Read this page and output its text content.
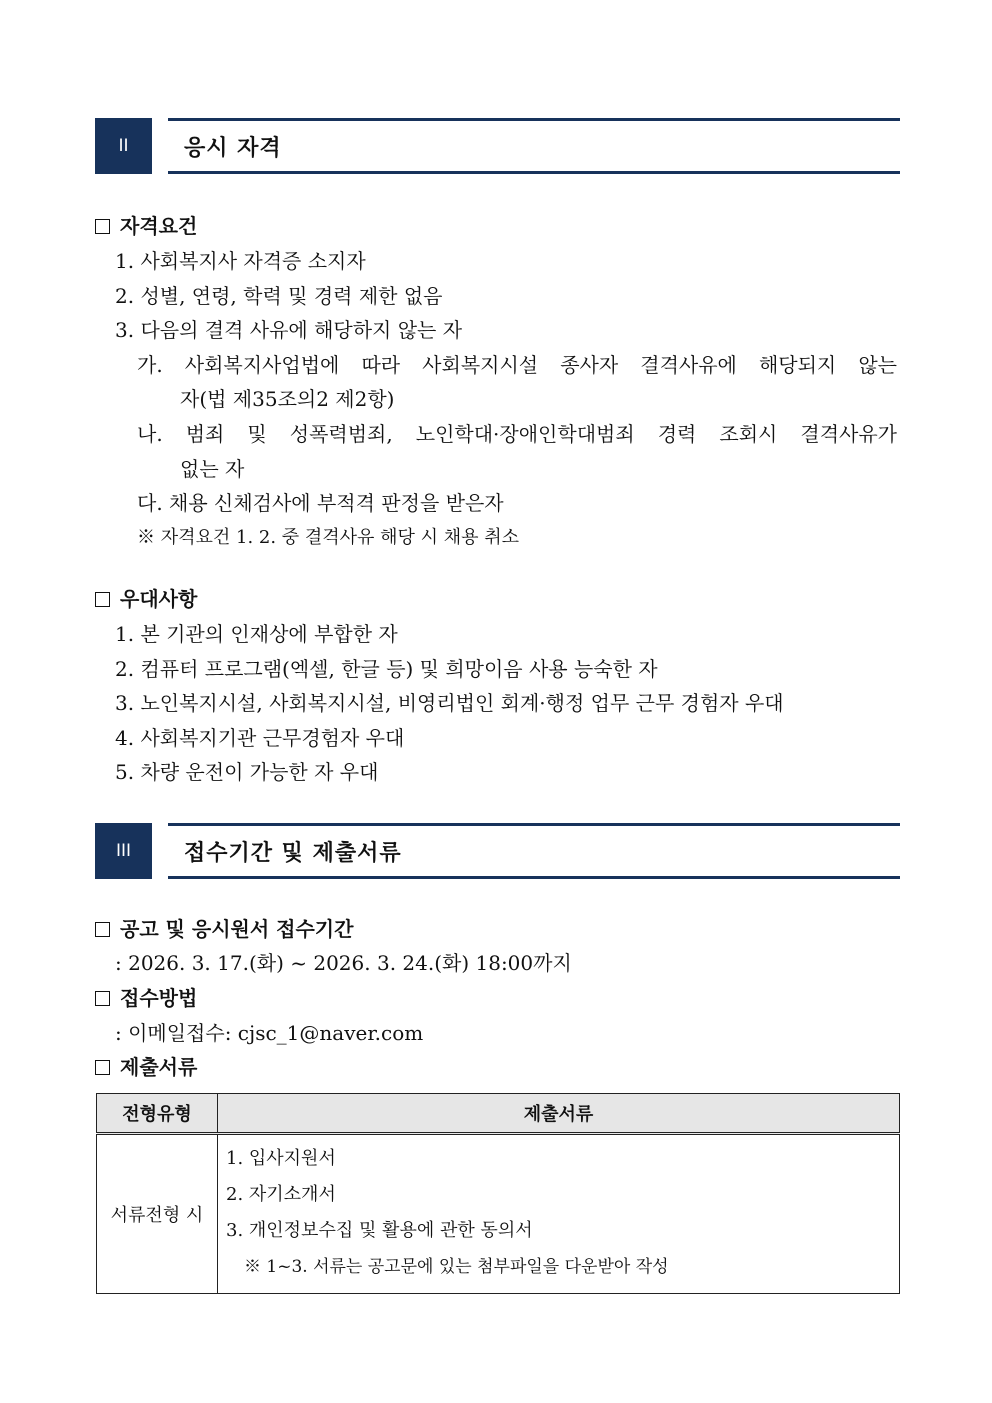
II	응시 자격
자격요건
1. 사회복지사 자격증 소지자
2. 성별, 연령, 학력 및 경력 제한 없음
3. 다음의 결격 사유에 해당하지 않는 자
가. 사회복지사업법에 따라 사회복지시설 종사자 결격사유에 해당되지 않는
자(법 제35조의2 제2항)
나. 범죄 및 성폭력범죄, 노인학대·장애인학대범죄 경력 조회시 결격사유가
없는 자
다. 채용 신체검사에 부적격 판정을 받은자
※ 자격요건 1. 2. 중 결격사유 해당 시 채용 취소
우대사항
1. 본 기관의 인재상에 부합한 자
2. 컴퓨터 프로그램(엑셀, 한글 등) 및 희망이음 사용 능숙한 자
3. 노인복지시설, 사회복지시설, 비영리법인 회계·행정 업무 근무 경험자 우대
4. 사회복지기관 근무경험자 우대
5. 차량 운전이 가능한 자 우대
III	접수기간 및 제출서류
공고 및 응시원서 접수기간
: 2026. 3. 17.(화) ~ 2026. 3. 24.(화) 18:00까지
접수방법
: 이메일접수: cjsc_1@naver.com
제출서류
전형유형	제출서류
서류전형 시	1. 입사지원서
2. 자기소개서
3. 개인정보수집 및 활용에 관한 동의서
※ 1~3. 서류는 공고문에 있는 첨부파일을 다운받아 작성
